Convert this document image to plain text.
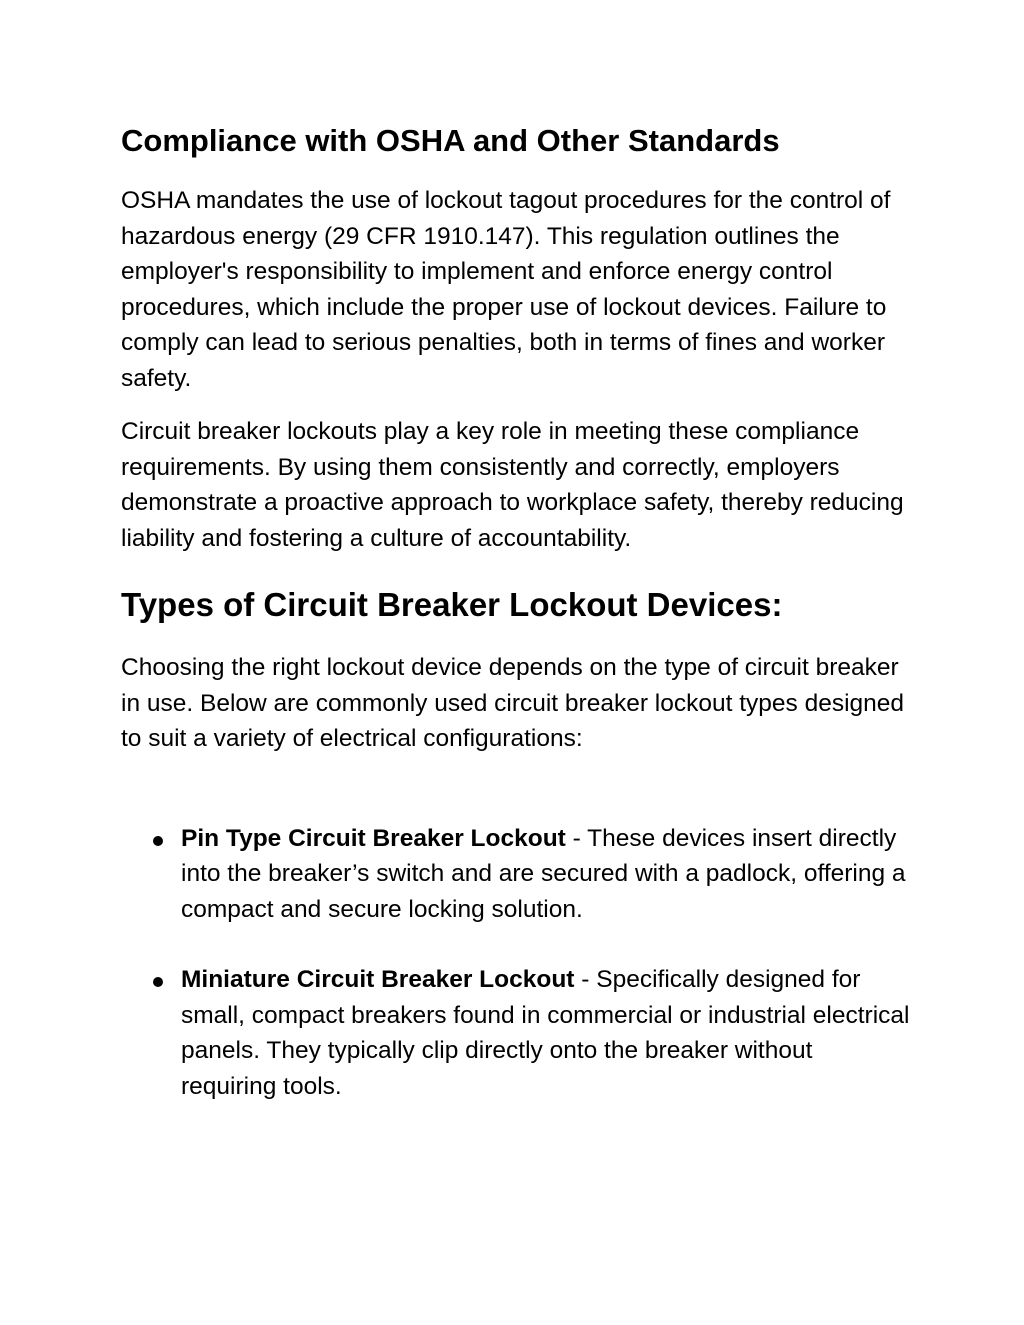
Compliance with OSHA and Other Standards

OSHA mandates the use of lockout tagout procedures for the control of hazardous energy (29 CFR 1910.147). This regulation outlines the employer's responsibility to implement and enforce energy control procedures, which include the proper use of lockout devices. Failure to comply can lead to serious penalties, both in terms of fines and worker safety.

Circuit breaker lockouts play a key role in meeting these compliance requirements. By using them consistently and correctly, employers demonstrate a proactive approach to workplace safety, thereby reducing liability and fostering a culture of accountability.

Types of Circuit Breaker Lockout Devices:

Choosing the right lockout device depends on the type of circuit breaker in use. Below are commonly used circuit breaker lockout types designed to suit a variety of electrical configurations:

Pin Type Circuit Breaker Lockout - These devices insert directly into the breaker’s switch and are secured with a padlock, offering a compact and secure locking solution.
Miniature Circuit Breaker Lockout - Specifically designed for small, compact breakers found in commercial or industrial electrical panels. They typically clip directly onto the breaker without requiring tools.
